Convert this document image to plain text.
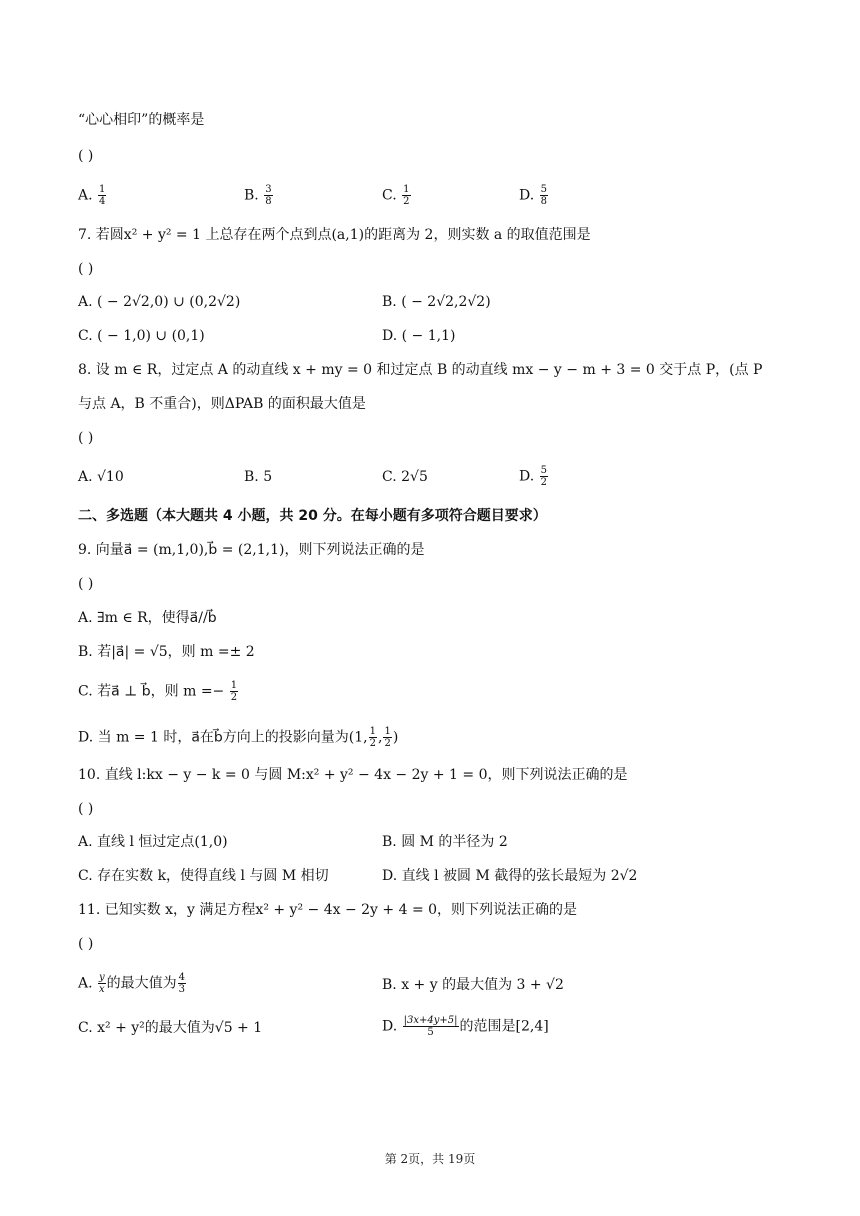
“心心相印”的概率是
( )
A. $\frac{1}{4}$	B. $\frac{3}{8}$	C. $\frac{1}{2}$	D. $\frac{5}{8}$
7. 若圆x² + y² = 1 上总存在两个点到点(a,1)的距离为 2，则实数 a 的取值范围是
( )
A. ( − 2√2,0) ∪ (0,2√2)	B. ( − 2√2,2√2)
C. ( − 1,0) ∪ (0,1)	D. ( − 1,1)
8. 设 m ∈ R，过定点 A 的动直线 x + my = 0 和过定点 B 的动直线 mx − y − m + 3 = 0 交于点 P，(点 P
与点 A，B 不重合)，则ΔPAB 的面积最大值是
( )
A. √10	B. 5	C. 2√5	D. $\frac{5}{2}$
二、多选题（本大题共 4 小题，共 20 分。在每小题有多项符合题目要求）
9. 向量a⃗ = (m,1,0),b⃗ = (2,1,1)，则下列说法正确的是
( )
A. ∃m ∈ R，使得a⃗//b⃗
B. 若|a⃗| = √5，则 m =± 2
C. 若a⃗ ⊥ b⃗，则 $m =- \frac{1}{2}$
D. 当 m = 1 时，a⃗在b⃗方向上的投影向量为(1, $\frac{1}{2}$ , $\frac{1}{2}$ )
10. 直线 l:kx − y − k = 0 与圆 M:x² + y² − 4x − 2y + 1 = 0，则下列说法正确的是
( )
A. 直线 l 恒过定点(1,0)	B. 圆 M 的半径为 2
C. 存在实数 k，使得直线 l 与圆 M 相切	D. 直线 l 被圆 M 截得的弦长最短为 2√2
11. 已知实数 x，y 满足方程x² + y² − 4x − 2y + 4 = 0，则下列说法正确的是
( )
A. $\frac{y}{x}$ 的最大值为 $\frac{4}{3}$	B. x + y 的最大值为 3 + √2
C. x² + y²的最大值为√5 + 1	D. $\frac{|3x+4y+5|}{5}$ 的范围是[2,4]
第 2页，共 19页
